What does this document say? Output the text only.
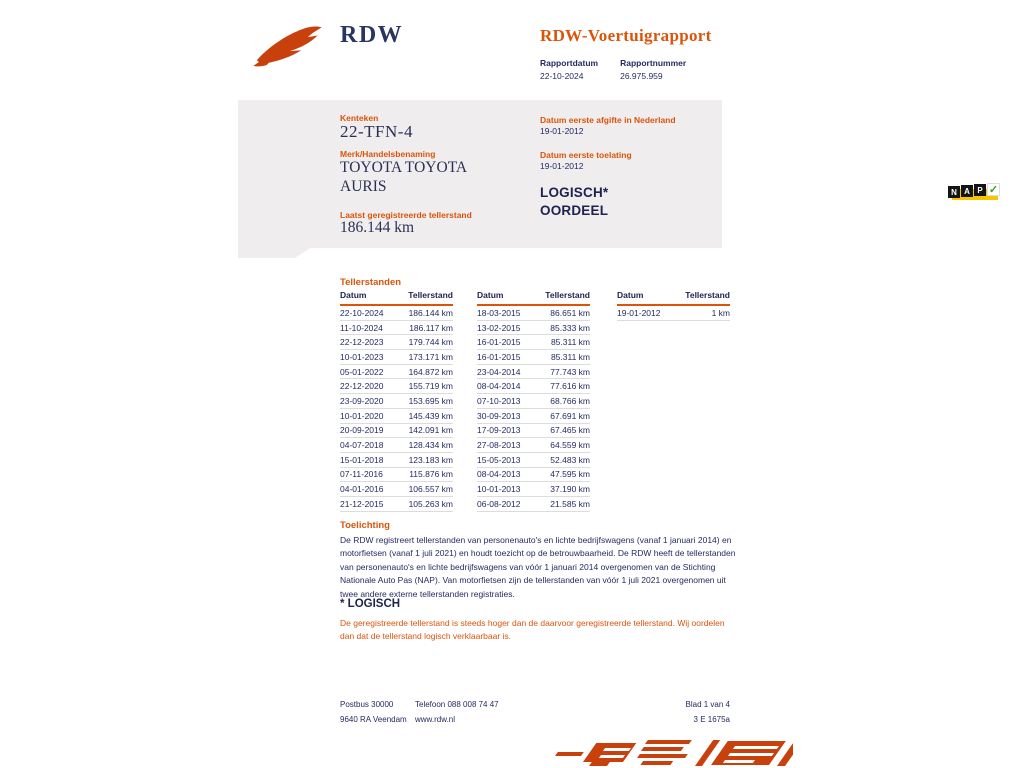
RDW	RDW-Voertuigrapport
Rapportdatum
22-10-2024
Rapportnummer
26.975.959
Kenteken
22-TFN-4
Merk/Handelsbenaming
TOYOTA TOYOTA AURIS
Laatst geregistreerde tellerstand
186.144 km
Datum eerste afgifte in Nederland
19-01-2012
Datum eerste toelating
19-01-2012
LOGISCH*
OORDEEL
N A P ✓
Tellerstanden
Datum	Tellerstand
22-10-2024	186.144 km
11-10-2024	186.117 km
22-12-2023	179.744 km
10-01-2023	173.171 km
05-01-2022	164.872 km
22-12-2020	155.719 km
23-09-2020	153.695 km
10-01-2020	145.439 km
20-09-2019	142.091 km
04-07-2018	128.434 km
15-01-2018	123.183 km
07-11-2016	115.876 km
04-01-2016	106.557 km
21-12-2015	105.263 km
Datum	Tellerstand
18-03-2015	86.651 km
13-02-2015	85.333 km
16-01-2015	85.311 km
16-01-2015	85.311 km
23-04-2014	77.743 km
08-04-2014	77.616 km
07-10-2013	68.766 km
30-09-2013	67.691 km
17-09-2013	67.465 km
27-08-2013	64.559 km
15-05-2013	52.483 km
08-04-2013	47.595 km
10-01-2013	37.190 km
06-08-2012	21.585 km
Datum	Tellerstand
19-01-2012	1 km
Toelichting
De RDW registreert tellerstanden van personenauto's en lichte bedrijfswagens (vanaf 1 januari 2014) en motorfietsen (vanaf 1 juli 2021) en houdt toezicht op de betrouwbaarheid. De RDW heeft de tellerstanden van personenauto's en lichte bedrijfswagens van vóór 1 januari 2014 overgenomen van de Stichting Nationale Auto Pas (NAP). Van motorfietsen zijn de tellerstanden van vóór 1 juli 2021 overgenomen uit twee andere externe tellerstanden registraties.
* LOGISCH
De geregistreerde tellerstand is steeds hoger dan de daarvoor geregistreerde tellerstand. Wij oordelen dan dat de tellerstand logisch verklaarbaar is.
Postbus 30000
9640 RA Veendam
Telefoon 088 008 74 47
www.rdw.nl
Blad 1 van 4
3 E 1675a
